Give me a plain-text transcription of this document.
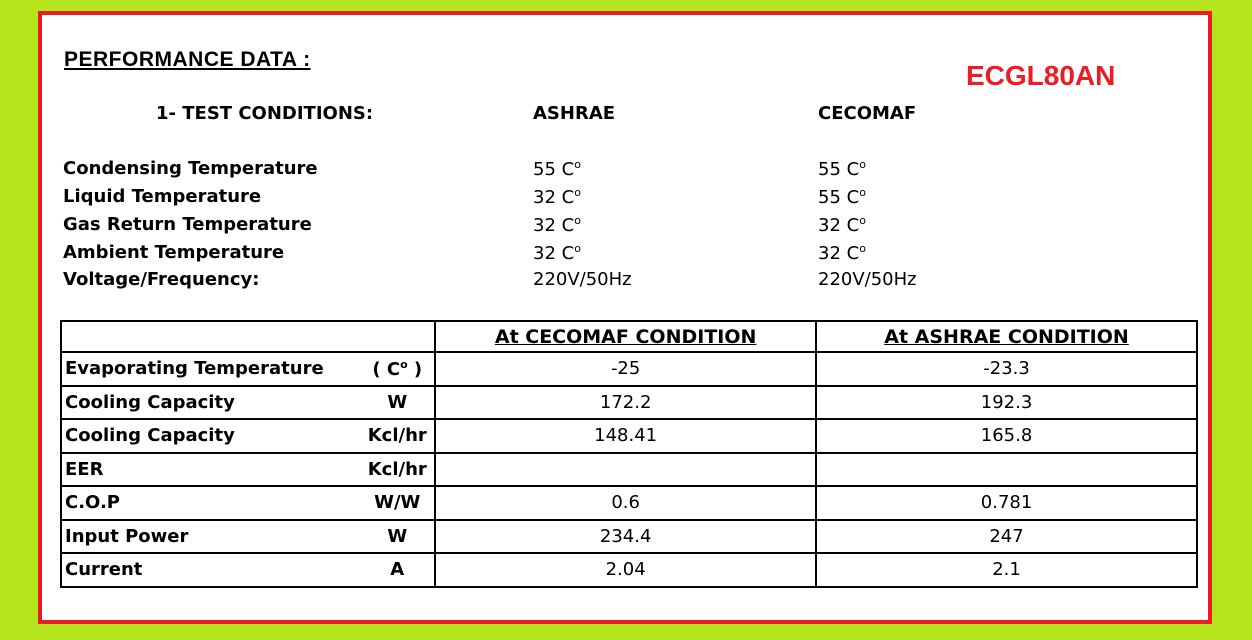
PERFORMANCE DATA :
ECGL80AN
1- TEST CONDITIONS:	ASHRAE	CECOMAF
Condensing Temperature	55 $C^o$	55 $C^o$
Liquid Temperature	32 $C^o$	55 $C^o$
Gas Return Temperature	32 $C^o$	32 $C^o$
Ambient Temperature	32 $C^o$	32 $C^o$
Voltage/Frequency:	220V/50Hz	220V/50Hz
		At CECOMAF CONDITION	At ASHRAE CONDITION
Evaporating Temperature	( $C^o$ )	-25	-23.3
Cooling Capacity	W	172.2	192.3
Cooling Capacity	Kcl/hr	148.41	165.8
EER	Kcl/hr		
C.O.P	W/W	0.6	0.781
Input Power	W	234.4	247
Current	A	2.04	2.1
